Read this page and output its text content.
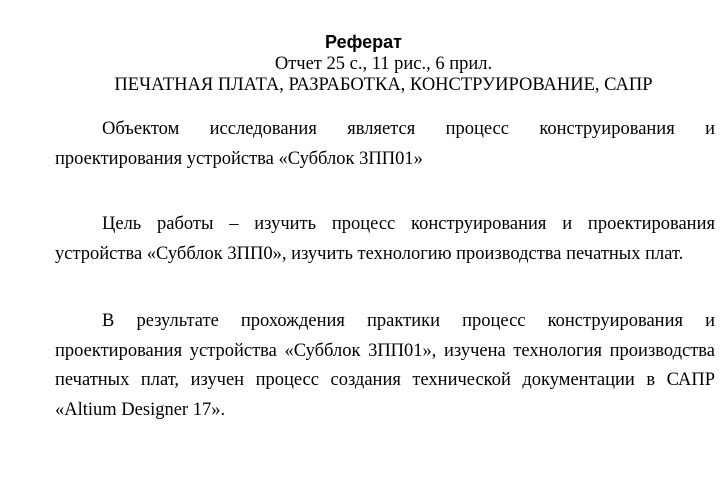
Реферат
Отчет 25 с., 11 рис., 6 прил.
ПЕЧАТНАЯ ПЛАТА, РАЗРАБОТКА, КОНСТРУИРОВАНИЕ, САПР

Объектом исследования является процесс конструирования и проектирования устройства «Субблок 3ПП01»

Цель работы – изучить процесс конструирования и проектирования устройства «Субблок 3ПП0», изучить технологию производства печатных плат.

В результате прохождения практики процесс конструирования и проектирования устройства «Субблок 3ПП01», изучена технология производства печатных плат, изучен процесс создания технической документации в САПР «Altium Designer 17».
